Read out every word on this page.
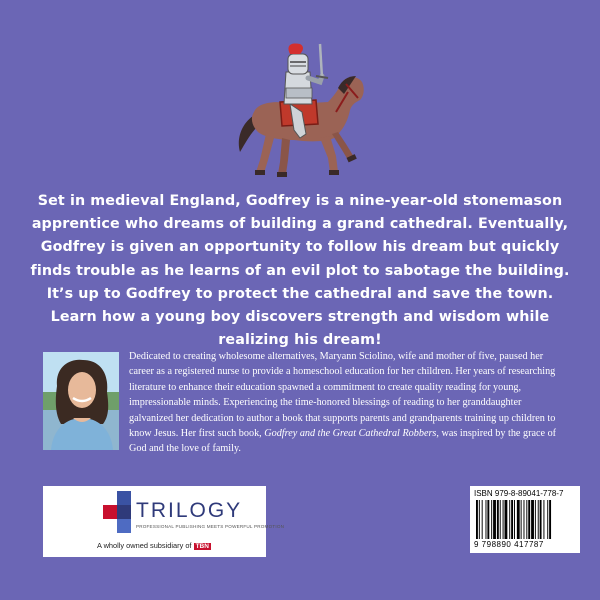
Set in medieval England, Godfrey is a nine-year-old stonemason apprentice who dreams of building a grand cathedral. Eventually, Godfrey is given an opportunity to follow his dream but quickly finds trouble as he learns of an evil plot to sabotage the building. It’s up to Godfrey to protect the cathedral and save the town. Learn how a young boy discovers strength and wisdom while realizing his dream!

Dedicated to creating wholesome alternatives, Maryann Sciolino, wife and mother of five, paused her career as a registered nurse to provide a homeschool education for her children. Her years of researching literature to enhance their education spawned a commitment to create quality reading for young, impressionable minds. Experiencing the time-honored blessings of reading to her granddaughter galvanized her dedication to author a book that supports parents and grandparents training up children to know Jesus. Her first such book, Godfrey and the Great Cathedral Robbers, was inspired by the grace of God and the love of family.

TRILOGY
PROFESSIONAL PUBLISHING MEETS POWERFUL PROMOTION
A wholly owned subsidiary of TBN
ISBN 979-8-89041-778-7
9 798890 417787
